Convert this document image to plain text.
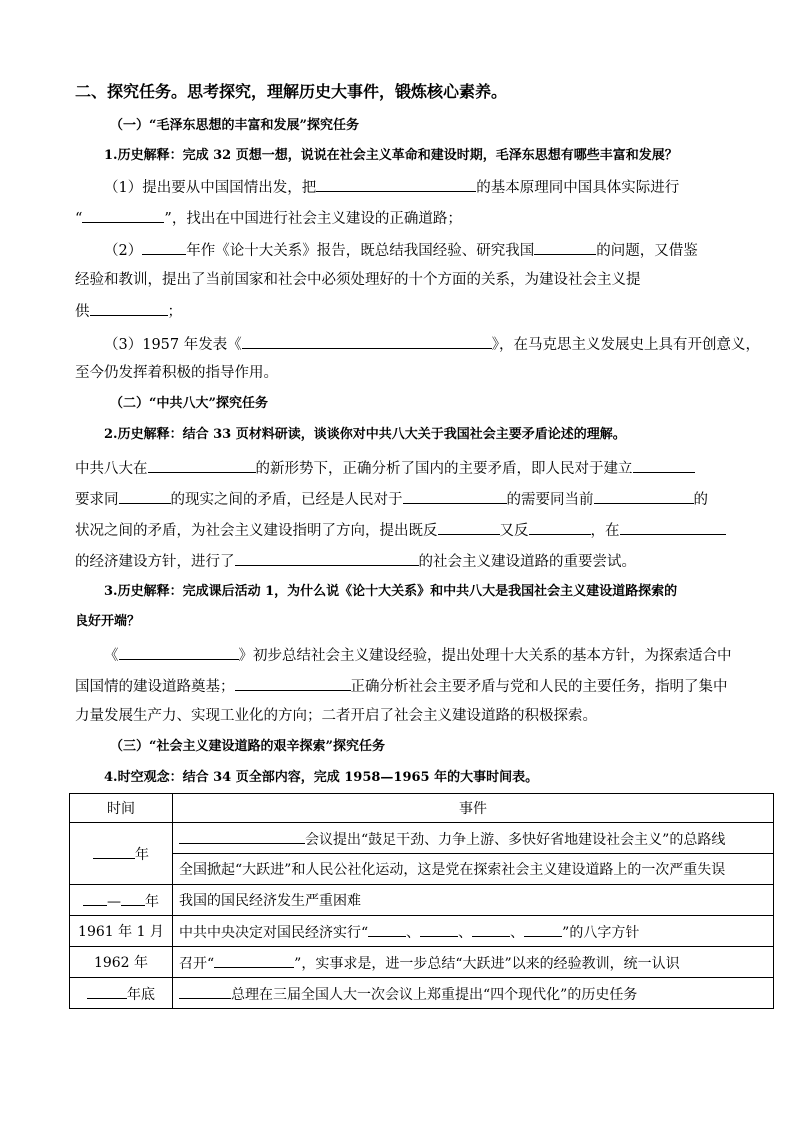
二、探究任务。思考探究，理解历史大事件，锻炼核心素养。
（一）“毛泽东思想的丰富和发展”探究任务
1.历史解释：完成 32 页想一想，说说在社会主义革命和建设时期，毛泽东思想有哪些丰富和发展？
（1）提出要从中国国情出发，把	的基本原理同中国具体实际进行
“	”，找出在中国进行社会主义建设的正确道路；
（2）	年作《论十大关系》报告，既总结我国经验、研究我国	的问题，又借鉴
经验和教训，提出了当前国家和社会中必须处理好的十个方面的关系，为建设社会主义提
供	；
（3）1957 年发表《	》，在马克思主义发展史上具有开创意义，
至今仍发挥着积极的指导作用。
（二）“中共八大”探究任务
2.历史解释：结合 33 页材料研读，谈谈你对中共八大关于我国社会主要矛盾论述的理解。
中共八大在	的新形势下，正确分析了国内的主要矛盾，即人民对于建立
要求同	的现实之间的矛盾，已经是人民对于	的需要同当前	的
状况之间的矛盾，为社会主义建设指明了方向，提出既反	又反	，在
的经济建设方针，进行了	的社会主义建设道路的重要尝试。
3.历史解释：完成课后活动 1，为什么说《论十大关系》和中共八大是我国社会主义建设道路探索的
良好开端？
《	》初步总结社会主义建设经验，提出处理十大关系的基本方针，为探索适合中
国国情的建设道路奠基；	正确分析社会主要矛盾与党和人民的主要任务，指明了集中
力量发展生产力、实现工业化的方向；二者开启了社会主义建设道路的积极探索。
（三）“社会主义建设道路的艰辛探索”探究任务
4.时空观念：结合 34 页全部内容，完成 1958—1965 年的大事时间表。
时间	事件
年	会议提出“鼓足干劲、力争上游、多快好省地建设社会主义”的总路线
	全国掀起“大跃进”和人民公社化运动，这是党在探索社会主义建设道路上的一次严重失误
— 年	我国的国民经济发生严重困难
1961 年 1 月	中共中央决定对国民经济实行“ 、 、 、 ”的八字方针
1962 年	召开“ ”，实事求是，进一步总结“大跃进”以来的经验教训，统一认识
年底	总理在三届全国人大一次会议上郑重提出“四个现代化”的历史任务
